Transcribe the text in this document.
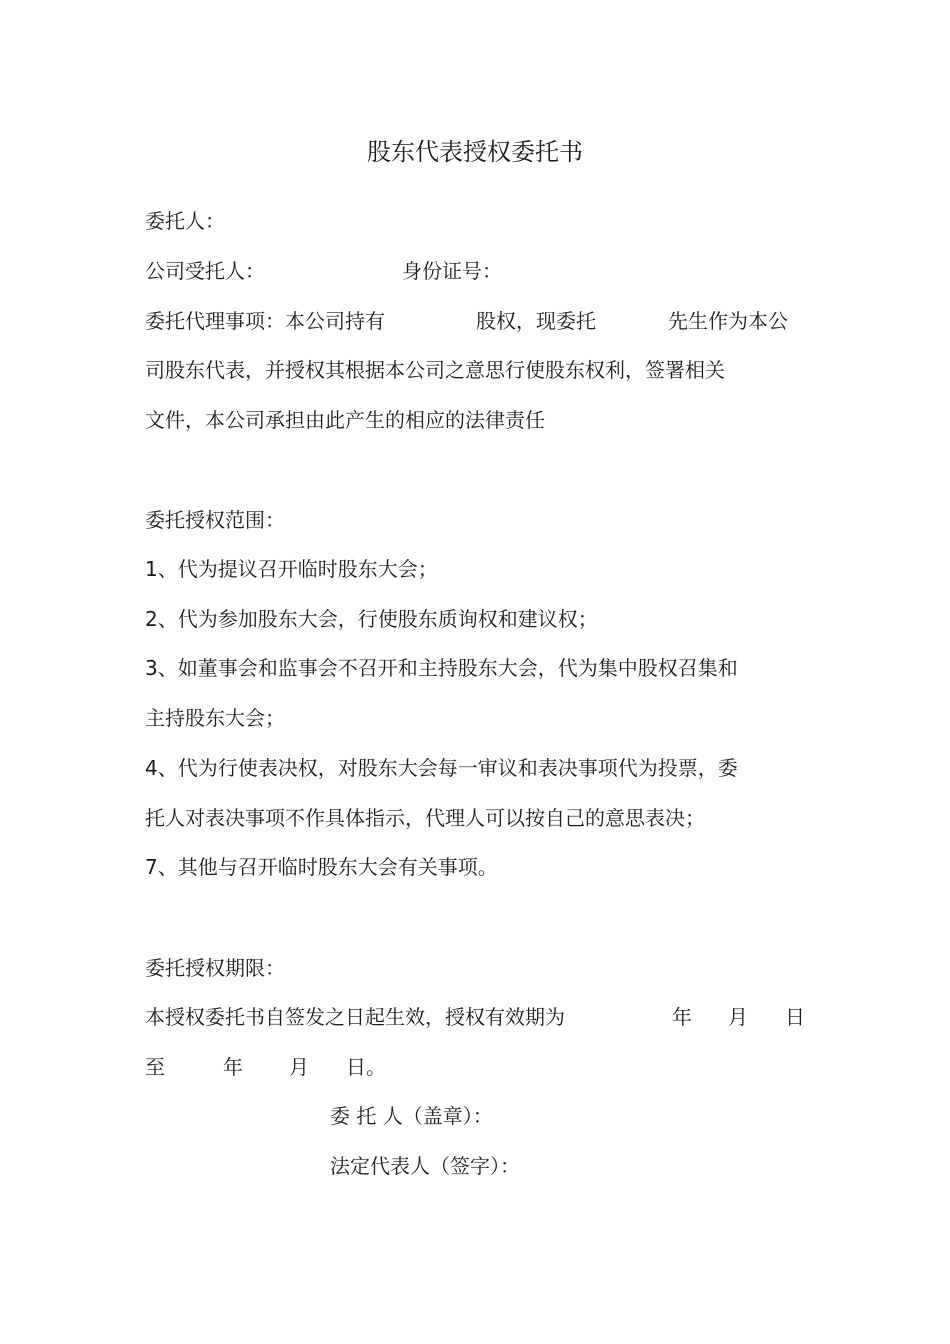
股东代表授权委托书
委托人：
公司受托人：	身份证号：
委托代理事项：本公司持有	股权，现委托	先生作为本公
司股东代表，并授权其根据本公司之意思行使股东权利，签署相关
文件，本公司承担由此产生的相应的法律责任
委托授权范围：
1、代为提议召开临时股东大会；
2、代为参加股东大会，行使股东质询权和建议权；
3、如董事会和监事会不召开和主持股东大会，代为集中股权召集和
主持股东大会；
4、代为行使表决权，对股东大会每一审议和表决事项代为投票，委
托人对表决事项不作具体指示，代理人可以按自己的意思表决；
7、其他与召开临时股东大会有关事项。
委托授权期限：
本授权委托书自签发之日起生效，授权有效期为	年 月 日
至	年 月 日。
委 托 人（盖章）：
法定代表人（签字）：
